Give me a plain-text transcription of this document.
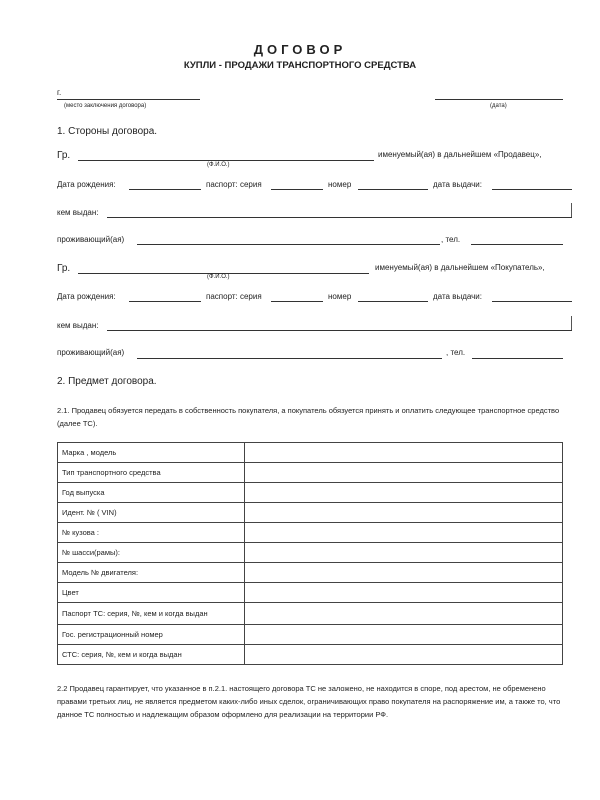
ДОГОВОР
КУПЛИ - ПРОДАЖИ ТРАНСПОРТНОГО СРЕДСТВА
г.
(место заключения договора)	(дата)
1. Стороны договора.
Гр.	именуемый(ая) в дальнейшем «Продавец»,
(Ф.И.О.)
Дата рождения:	паспорт: серия	номер	дата выдачи:
кем выдан:
проживающий(ая)	, тел.
Гр.	именуемый(ая) в дальнейшем «Покупатель»,
(Ф.И.О.)
Дата рождения:	паспорт: серия	номер	дата выдачи:
кем выдан:
проживающий(ая)	, тел.
2. Предмет договора.
2.1. Продавец обязуется передать в собственность покупателя, а покупатель обязуется принять и оплатить следующее транспортное средство (далее ТС).
Марка , модель	
Тип транспортного средства	
Год выпуска	
Идент. № ( VIN)	
№ кузова :	
№ шасси(рамы):	
Модель № двигателя:	
Цвет	
Паспорт ТС: серия, №, кем и когда выдан	
Гос. регистрационный номер	
СТС: серия, №, кем и когда выдан	
2.2 Продавец гарантирует, что указанное в п.2.1. настоящего договора ТС не заложено, не находится в споре, под арестом, не обременено правами третьих лиц, не является предметом каких-либо иных сделок, ограничивающих право покупателя на распоряжение им, а также то, что данное ТС полностью и надлежащим образом оформлено для реализации на территории РФ.
